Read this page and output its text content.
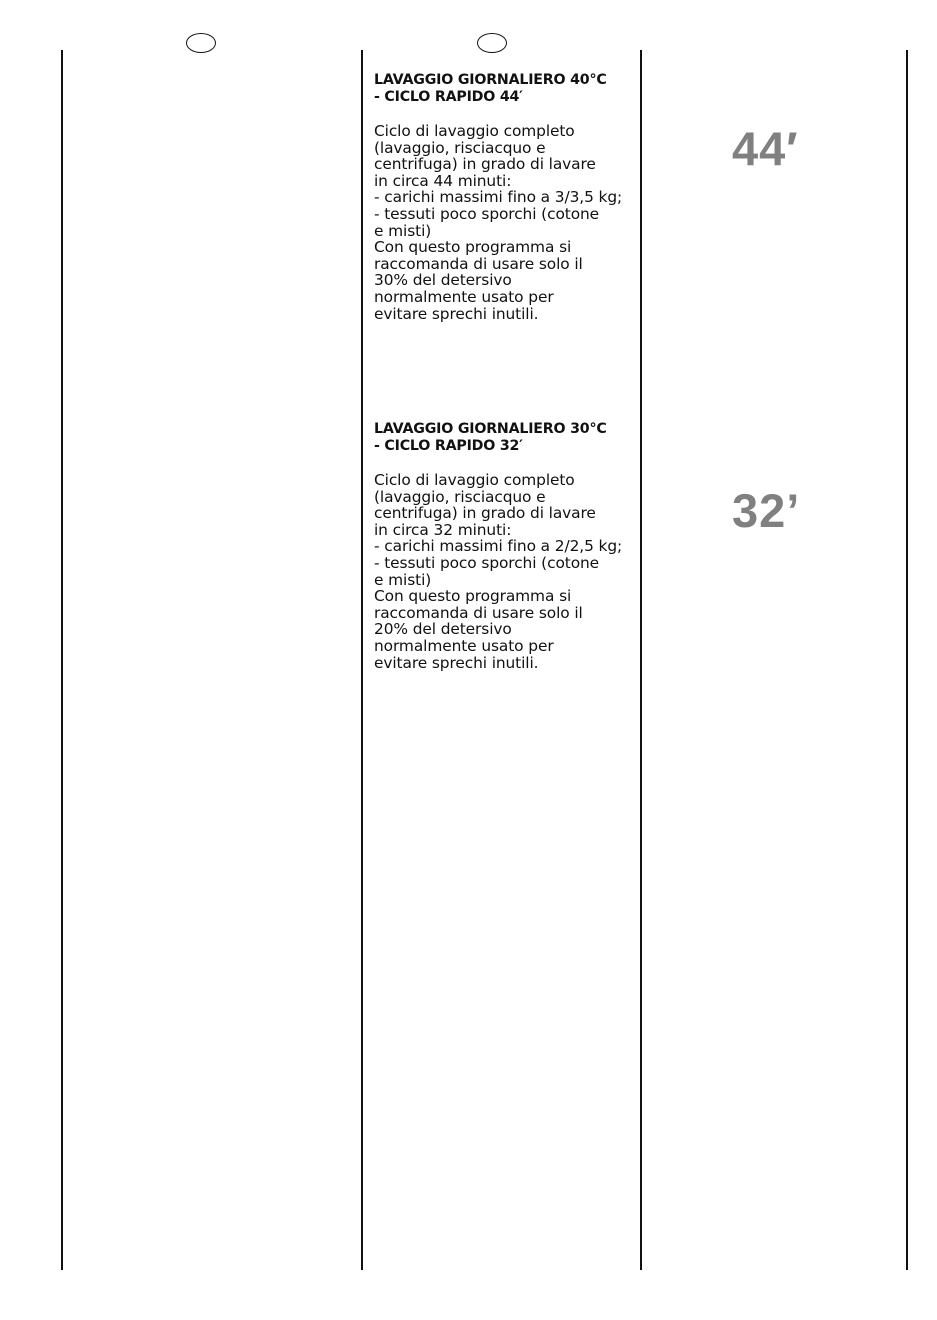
LAVAGGIO GIORNALIERO 40°C
- CICLO RAPIDO 44′
Ciclo di lavaggio completo
(lavaggio, risciacquo e
centrifuga) in grado di lavare
in circa 44 minuti:
- carichi massimi fino a 3/3,5 kg;
- tessuti poco sporchi (cotone
e misti)
Con questo programma si
raccomanda di usare solo il
30% del detersivo
normalmente usato per
evitare sprechi inutili.
44′
LAVAGGIO GIORNALIERO 30°C
- CICLO RAPIDO 32′
Ciclo di lavaggio completo
(lavaggio, risciacquo e
centrifuga) in grado di lavare
in circa 32 minuti:
- carichi massimi fino a 2/2,5 kg;
- tessuti poco sporchi (cotone
e misti)
Con questo programma si
raccomanda di usare solo il
20% del detersivo
normalmente usato per
evitare sprechi inutili.
32’
